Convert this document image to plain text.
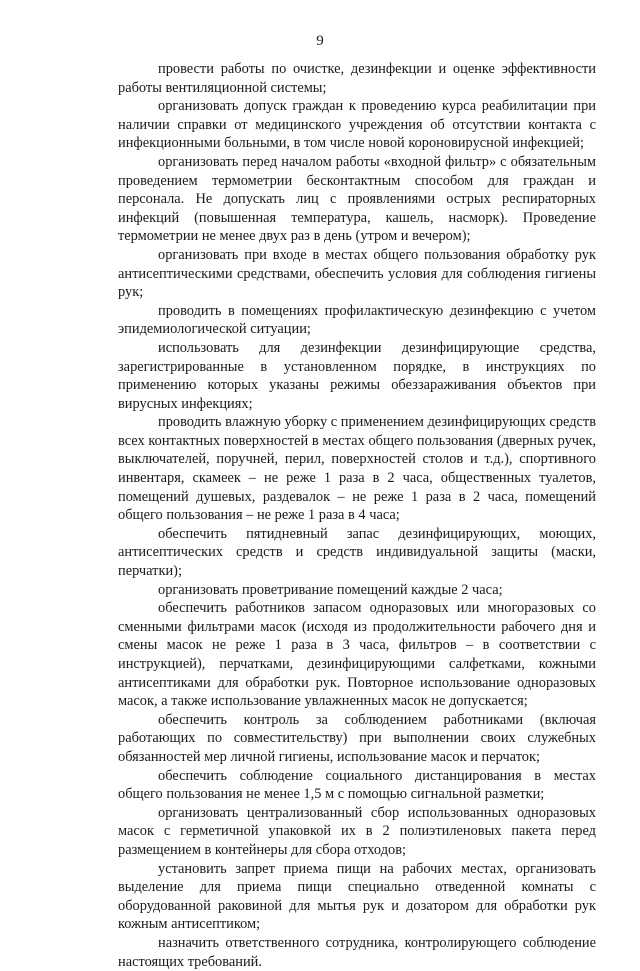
9

провести работы по очистке, дезинфекции и оценке эффективности работы вентиляционной системы;

организовать допуск граждан к проведению курса реабилитации при наличии справки от медицинского учреждения об отсутствии контакта с инфекционными больными, в том числе новой короновирусной инфекцией;

организовать перед началом работы «входной фильтр» с обязательным проведением термометрии бесконтактным способом для граждан и персонала. Не допускать лиц с проявлениями острых респираторных инфекций (повышенная температура, кашель, насморк). Проведение термометрии не менее двух раз в день (утром и вечером);

организовать при входе в местах общего пользования обработку рук антисептическими средствами, обеспечить условия для соблюдения гигиены рук;

проводить в помещениях профилактическую дезинфекцию с учетом эпидемиологической ситуации;

использовать для дезинфекции дезинфицирующие средства, зарегистрированные в установленном порядке, в инструкциях по применению которых указаны режимы обеззараживания объектов при вирусных инфекциях;

проводить влажную уборку с применением дезинфицирующих средств всех контактных поверхностей в местах общего пользования (дверных ручек, выключателей, поручней, перил, поверхностей столов и т.д.), спортивного инвентаря, скамеек – не реже 1 раза в 2 часа, общественных туалетов, помещений душевых, раздевалок – не реже 1 раза в 2 часа, помещений общего пользования – не реже 1 раза в 4 часа;

обеспечить пятидневный запас дезинфицирующих, моющих, антисептических средств и средств индивидуальной защиты (маски, перчатки);

организовать проветривание помещений каждые 2 часа;

обеспечить работников запасом одноразовых или многоразовых со сменными фильтрами масок (исходя из продолжительности рабочего дня и смены масок не реже 1 раза в 3 часа, фильтров – в соответствии с инструкцией), перчатками, дезинфицирующими салфетками, кожными антисептиками для обработки рук. Повторное использование одноразовых масок, а также использование увлажненных масок не допускается;

обеспечить контроль за соблюдением работниками (включая работающих по совместительству) при выполнении своих служебных обязанностей мер личной гигиены, использование масок и перчаток;

обеспечить соблюдение социального дистанцирования в местах общего пользования не менее 1,5 м с помощью сигнальной разметки;

организовать централизованный сбор использованных одноразовых масок с герметичной упаковкой их в 2 полиэтиленовых пакета перед размещением в контейнеры для сбора отходов;

установить запрет приема пищи на рабочих местах, организовать выделение для приема пищи специально отведенной комнаты с оборудованной раковиной для мытья рук и дозатором для обработки рук кожным антисептиком;

назначить ответственного сотрудника, контролирующего соблюдение настоящих требований.
